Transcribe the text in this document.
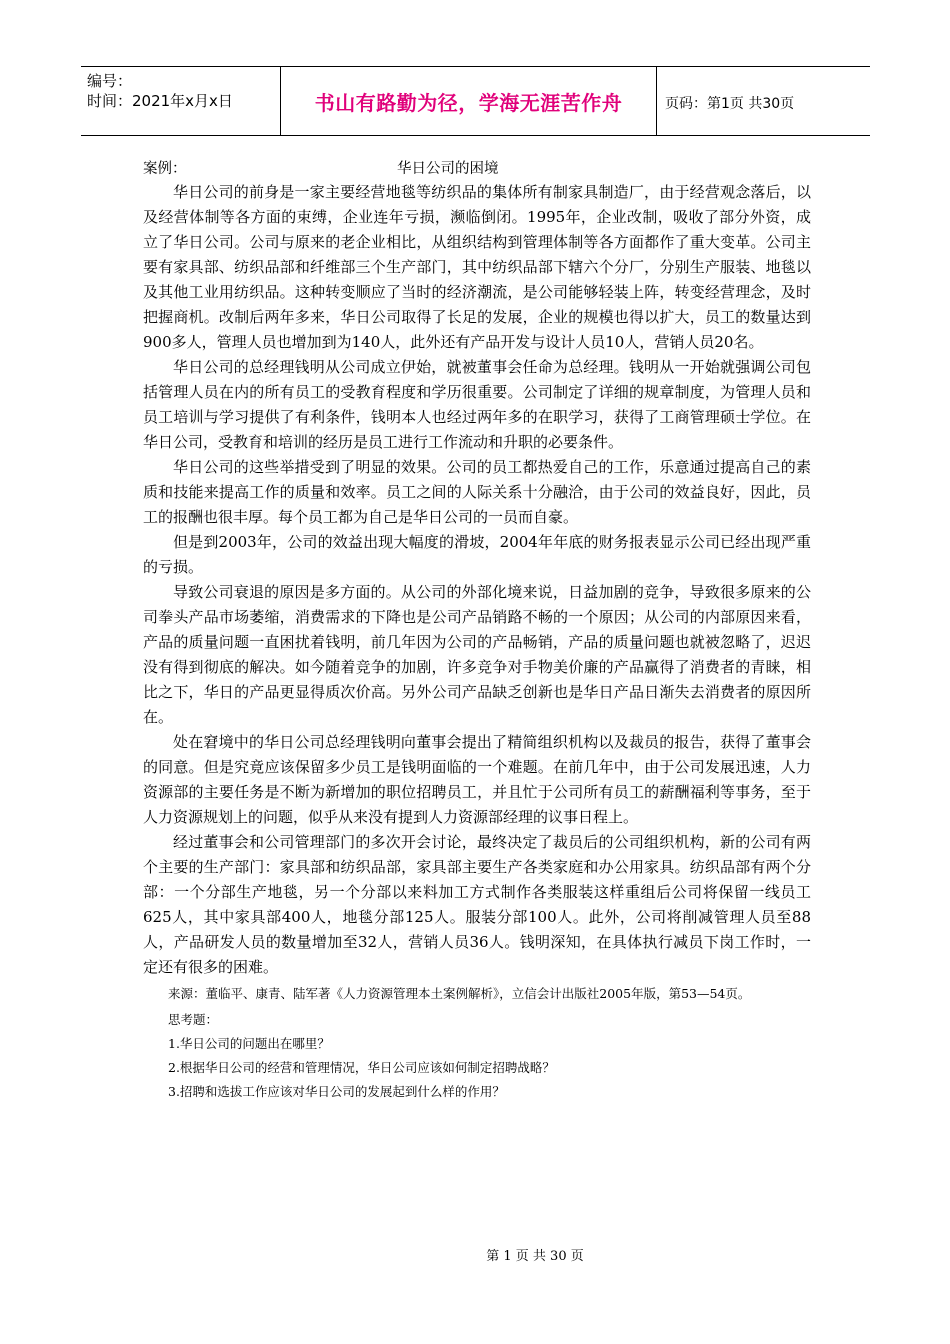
编号：
时间：2021年x月x日	书山有路勤为径，学海无涯苦作舟	页码：第1页 共30页
案例：	华日公司的困境

华日公司的前身是一家主要经营地毯等纺织品的集体所有制家具制造厂，由于经营观念落后，以及经营体制等各方面的束缚，企业连年亏损，濒临倒闭。1995年，企业改制，吸收了部分外资，成立了华日公司。公司与原来的老企业相比，从组织结构到管理体制等各方面都作了重大变革。公司主要有家具部、纺织品部和纤维部三个生产部门，其中纺织品部下辖六个分厂，分别生产服装、地毯以及其他工业用纺织品。这种转变顺应了当时的经济潮流，是公司能够轻装上阵，转变经营理念，及时把握商机。改制后两年多来，华日公司取得了长足的发展，企业的规模也得以扩大，员工的数量达到900多人，管理人员也增加到为140人，此外还有产品开发与设计人员10人，营销人员20名。

华日公司的总经理钱明从公司成立伊始，就被董事会任命为总经理。钱明从一开始就强调公司包括管理人员在内的所有员工的受教育程度和学历很重要。公司制定了详细的规章制度，为管理人员和员工培训与学习提供了有利条件，钱明本人也经过两年多的在职学习，获得了工商管理硕士学位。在华日公司，受教育和培训的经历是员工进行工作流动和升职的必要条件。

华日公司的这些举措受到了明显的效果。公司的员工都热爱自己的工作，乐意通过提高自己的素质和技能来提高工作的质量和效率。员工之间的人际关系十分融洽，由于公司的效益良好，因此，员工的报酬也很丰厚。每个员工都为自己是华日公司的一员而自豪。

但是到2003年，公司的效益出现大幅度的滑坡，2004年年底的财务报表显示公司已经出现严重的亏损。

导致公司衰退的原因是多方面的。从公司的外部化境来说，日益加剧的竞争，导致很多原来的公司拳头产品市场萎缩，消费需求的下降也是公司产品销路不畅的一个原因；从公司的内部原因来看，产品的质量问题一直困扰着钱明，前几年因为公司的产品畅销，产品的质量问题也就被忽略了，迟迟没有得到彻底的解决。如今随着竞争的加剧，许多竞争对手物美价廉的产品赢得了消费者的青睐，相比之下，华日的产品更显得质次价高。另外公司产品缺乏创新也是华日产品日渐失去消费者的原因所在。

处在窘境中的华日公司总经理钱明向董事会提出了精简组织机构以及裁员的报告，获得了董事会的同意。但是究竟应该保留多少员工是钱明面临的一个难题。在前几年中，由于公司发展迅速，人力资源部的主要任务是不断为新增加的职位招聘员工，并且忙于公司所有员工的薪酬福利等事务，至于人力资源规划上的问题，似乎从来没有提到人力资源部经理的议事日程上。

经过董事会和公司管理部门的多次开会讨论，最终决定了裁员后的公司组织机构，新的公司有两个主要的生产部门：家具部和纺织品部，家具部主要生产各类家庭和办公用家具。纺织品部有两个分部：一个分部生产地毯，另一个分部以来料加工方式制作各类服装这样重组后公司将保留一线员工625人，其中家具部400人，地毯分部125人。服装分部100人。此外，公司将削减管理人员至88人，产品研发人员的数量增加至32人，营销人员36人。钱明深知，在具体执行减员下岗工作时，一定还有很多的困难。

来源：董临平、康青、陆军著《人力资源管理本土案例解析》，立信会计出版社2005年版，第53—54页。

思考题：

1.华日公司的问题出在哪里？

2.根据华日公司的经营和管理情况，华日公司应该如何制定招聘战略？

3.招聘和选拔工作应该对华日公司的发展起到什么样的作用？

第 1 页 共 30 页
